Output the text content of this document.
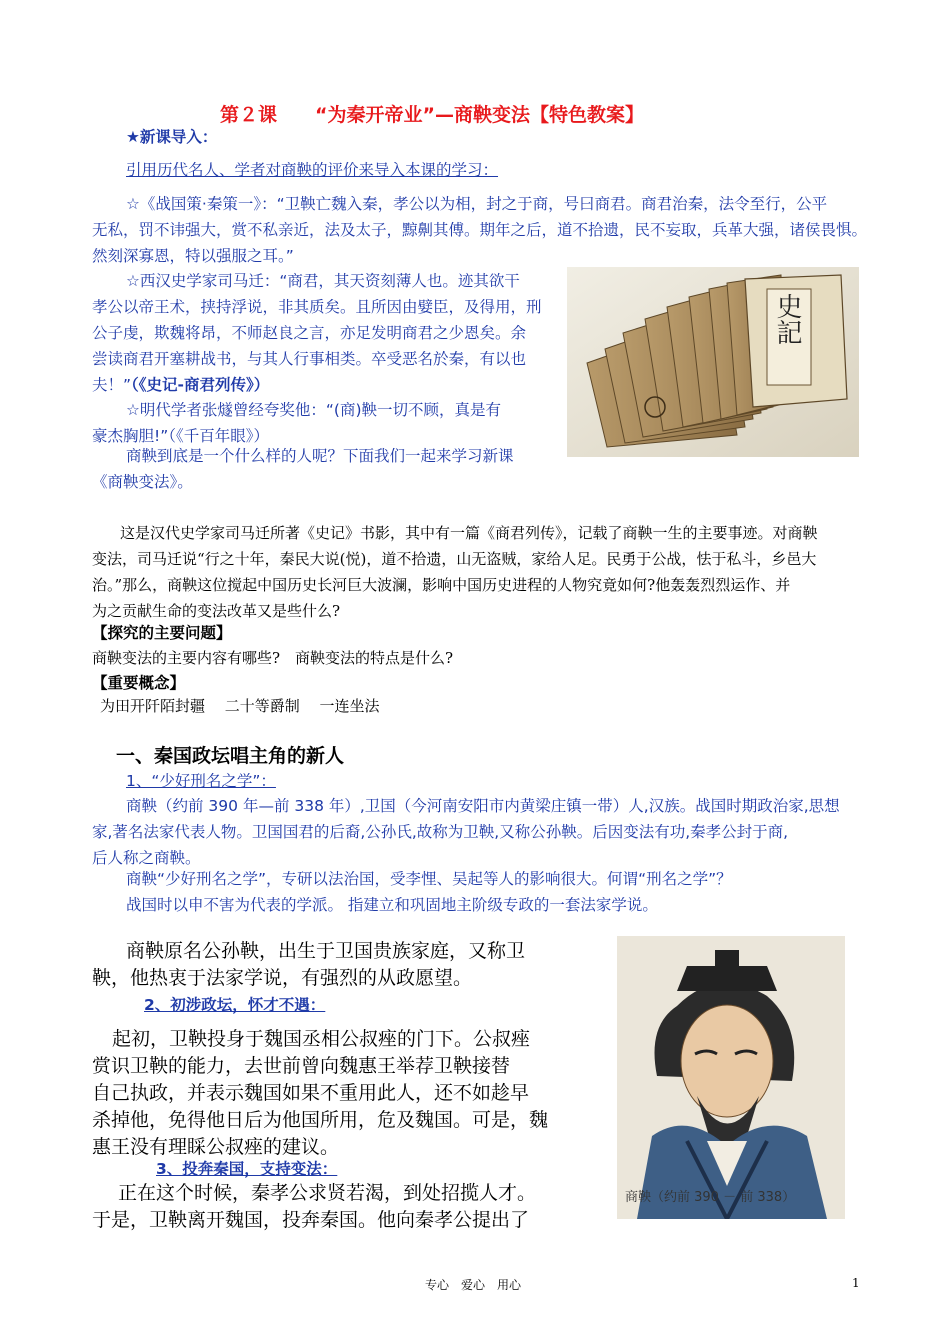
第２课　　“为秦开帝业”—商鞅变法【特色教案】
★新课导入：
引用历代名人、学者对商鞅的评价来导入本课的学习：
☆《战国策·秦策一》：“卫鞅亡魏入秦，孝公以为相，封之于商，号曰商君。商君治秦，法令至行，公平
无私，罚不讳强大，赏不私亲近，法及太子，黥劓其傅。期年之后，道不拾遗，民不妄取，兵革大强，诸侯畏惧。
然刻深寡恩，特以强服之耳。”
☆西汉史学家司马迁：“商君，其天资刻薄人也。迹其欲干
孝公以帝王术，挟持浮说，非其质矣。且所因由嬖臣，及得用，刑
公子虔，欺魏将昂，不师赵良之言，亦足发明商君之少恩矣。余
尝读商君开塞耕战书，与其人行事相类。卒受恶名於秦，有以也
夫！”（《史记-商君列传》）
☆明代学者张燧曾经夸奖他：“(商)鞅一切不顾，真是有
豪杰胸胆!”（《千百年眼》）
商鞅到底是一个什么样的人呢？下面我们一起来学习新课
《商鞅变法》。
史記
这是汉代史学家司马迁所著《史记》书影，其中有一篇《商君列传》，记载了商鞅一生的主要事迹。对商鞅
变法，司马迁说“行之十年，秦民大说(悦)，道不拾遗，山无盗贼，家给人足。民勇于公战，怯于私斗，乡邑大
治。”那么，商鞅这位搅起中国历史长河巨大波澜，影响中国历史进程的人物究竟如何?他轰轰烈烈运作、并
为之贡献生命的变法改革又是些什么?
【探究的主要问题】
商鞅变法的主要内容有哪些?　商鞅变法的特点是什么?
【重要概念】
为田开阡陌封疆　 二十等爵制 　一连坐法
一、秦国政坛唱主角的新人
1、“少好刑名之学”：
商鞅（约前 390 年—前 338 年）,卫国（今河南安阳市内黄梁庄镇一带）人,汉族。战国时期政治家,思想
家,著名法家代表人物。卫国国君的后裔,公孙氏,故称为卫鞅,又称公孙鞅。后因变法有功,秦孝公封于商,
后人称之商鞅。
商鞅“少好刑名之学”，专研以法治国，受李悝、吴起等人的影响很大。何谓“刑名之学”？
战国时以申不害为代表的学派。 指建立和巩固地主阶级专政的一套法家学说。
商鞅原名公孙鞅，出生于卫国贵族家庭，又称卫
鞅，他热衷于法家学说，有强烈的从政愿望。
2、初涉政坛，怀才不遇：
起初，卫鞅投身于魏国丞相公叔痤的门下。公叔痤
赏识卫鞅的能力，去世前曾向魏惠王举荐卫鞅接替
自己执政，并表示魏国如果不重用此人，还不如趁早
杀掉他，免得他日后为他国所用，危及魏国。可是，魏
惠王没有理睬公叔痤的建议。
3、投奔秦国，支持变法：
正在这个时候，秦孝公求贤若渴，到处招揽人才。
于是，卫鞅离开魏国，投奔秦国。他向秦孝公提出了
商鞅（约前 390 － 前 338）
专心　爱心　用心	1
